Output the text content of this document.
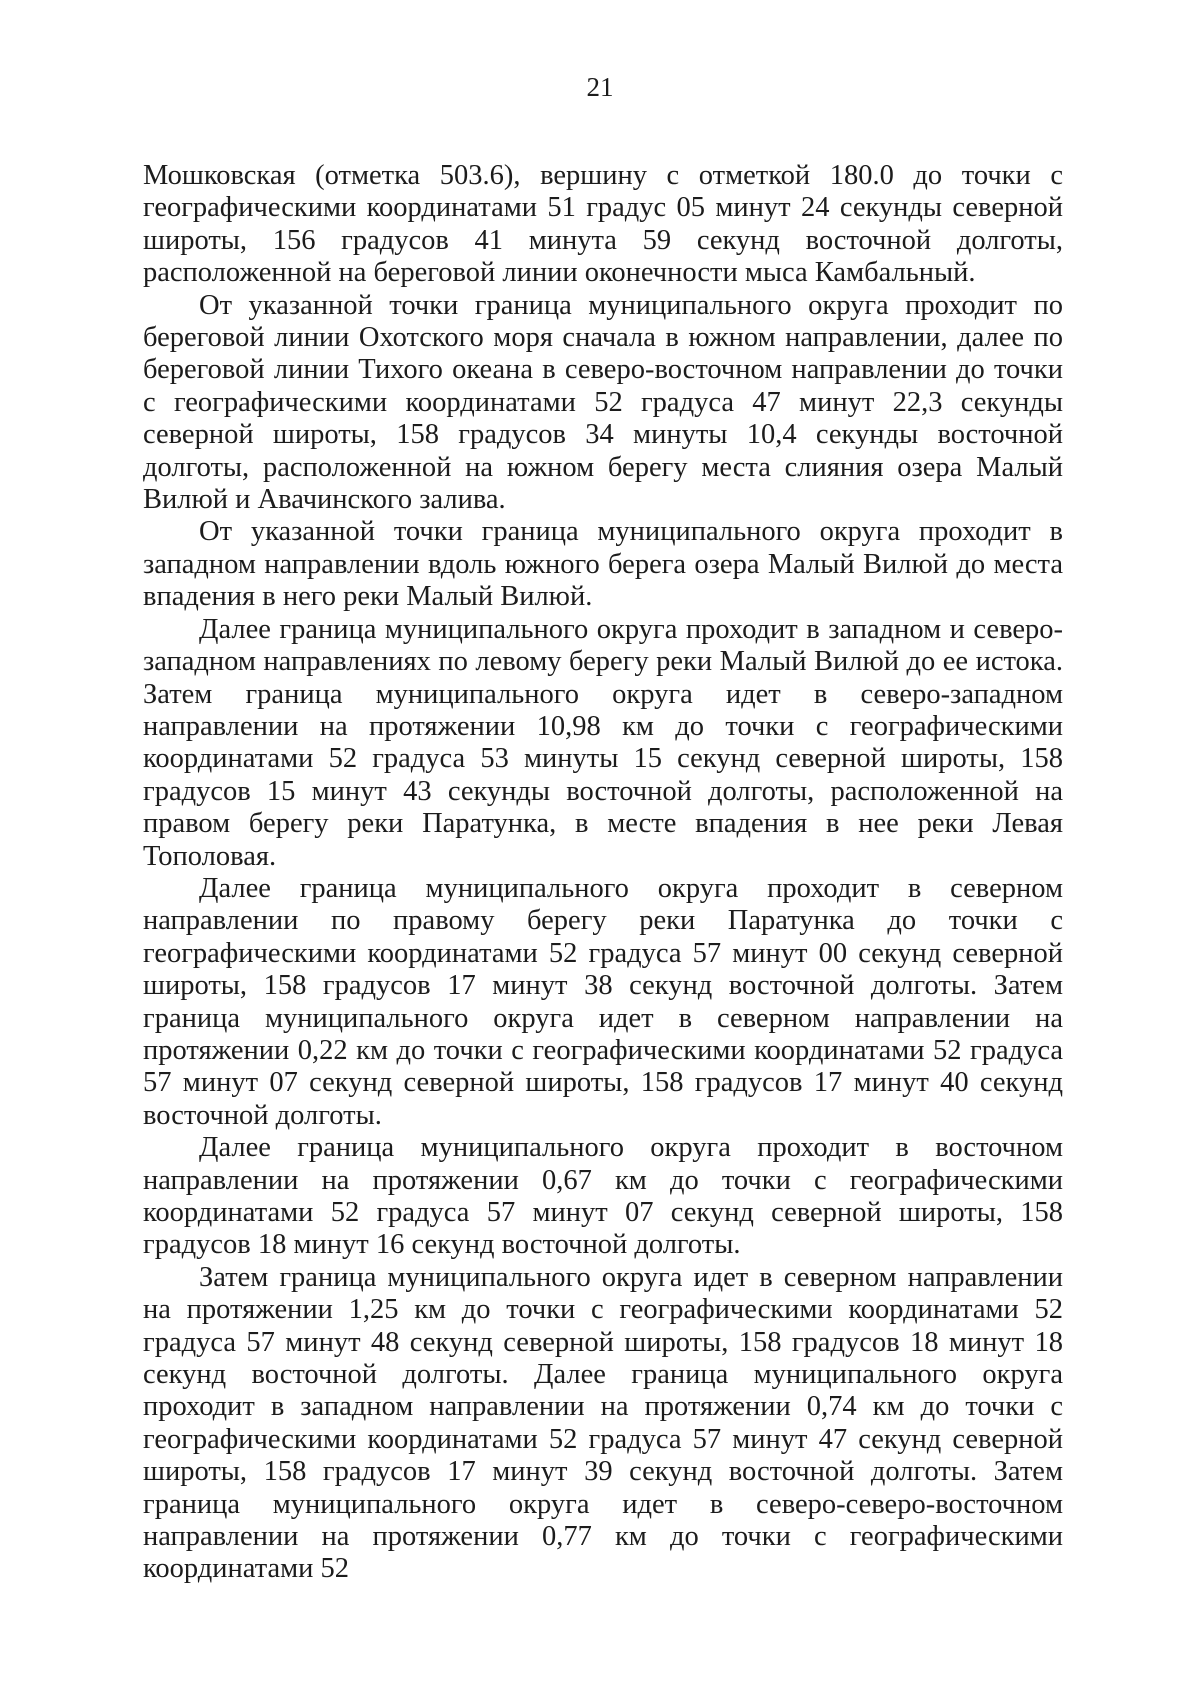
21

Мошковская (отметка 503.6), вершину с отметкой 180.0 до точки с географическими координатами 51 градус 05 минут 24 секунды северной широты, 156 градусов 41 минута 59 секунд восточной долготы, расположенной на береговой линии оконечности мыса Камбальный.

От указанной точки граница муниципального округа проходит по береговой линии Охотского моря сначала в южном направлении, далее по береговой линии Тихого океана в северо-восточном направлении до точки с географическими координатами 52 градуса 47 минут 22,3 секунды северной широты, 158 градусов 34 минуты 10,4 секунды восточной долготы, расположенной на южном берегу места слияния озера Малый Вилюй и Авачинского залива.

От указанной точки граница муниципального округа проходит в западном направлении вдоль южного берега озера Малый Вилюй до места впадения в него реки Малый Вилюй.

Далее граница муниципального округа проходит в западном и северо-западном направлениях по левому берегу реки Малый Вилюй до ее истока. Затем граница муниципального округа идет в северо-западном направлении на протяжении 10,98 км до точки с географическими координатами 52 градуса 53 минуты 15 секунд северной широты, 158 градусов 15 минут 43 секунды восточной долготы, расположенной на правом берегу реки Паратунка, в месте впадения в нее реки Левая Тополовая.

Далее граница муниципального округа проходит в северном направлении по правому берегу реки Паратунка до точки с географическими координатами 52 градуса 57 минут 00 секунд северной широты, 158 градусов 17 минут 38 секунд восточной долготы. Затем граница муниципального округа идет в северном направлении на протяжении 0,22 км до точки с географическими координатами 52 градуса 57 минут 07 секунд северной широты, 158 градусов 17 минут 40 секунд восточной долготы.

Далее граница муниципального округа проходит в восточном направлении на протяжении 0,67 км до точки с географическими координатами 52 градуса 57 минут 07 секунд северной широты, 158 градусов 18 минут 16 секунд восточной долготы.

Затем граница муниципального округа идет в северном направлении на протяжении 1,25 км до точки с географическими координатами 52 градуса 57 минут 48 секунд северной широты, 158 градусов 18 минут 18 секунд восточной долготы. Далее граница муниципального округа проходит в западном направлении на протяжении 0,74 км до точки с географическими координатами 52 градуса 57 минут 47 секунд северной широты, 158 градусов 17 минут 39 секунд восточной долготы. Затем граница муниципального округа идет в северо-северо-восточном направлении на протяжении 0,77 км до точки с географическими координатами 52
